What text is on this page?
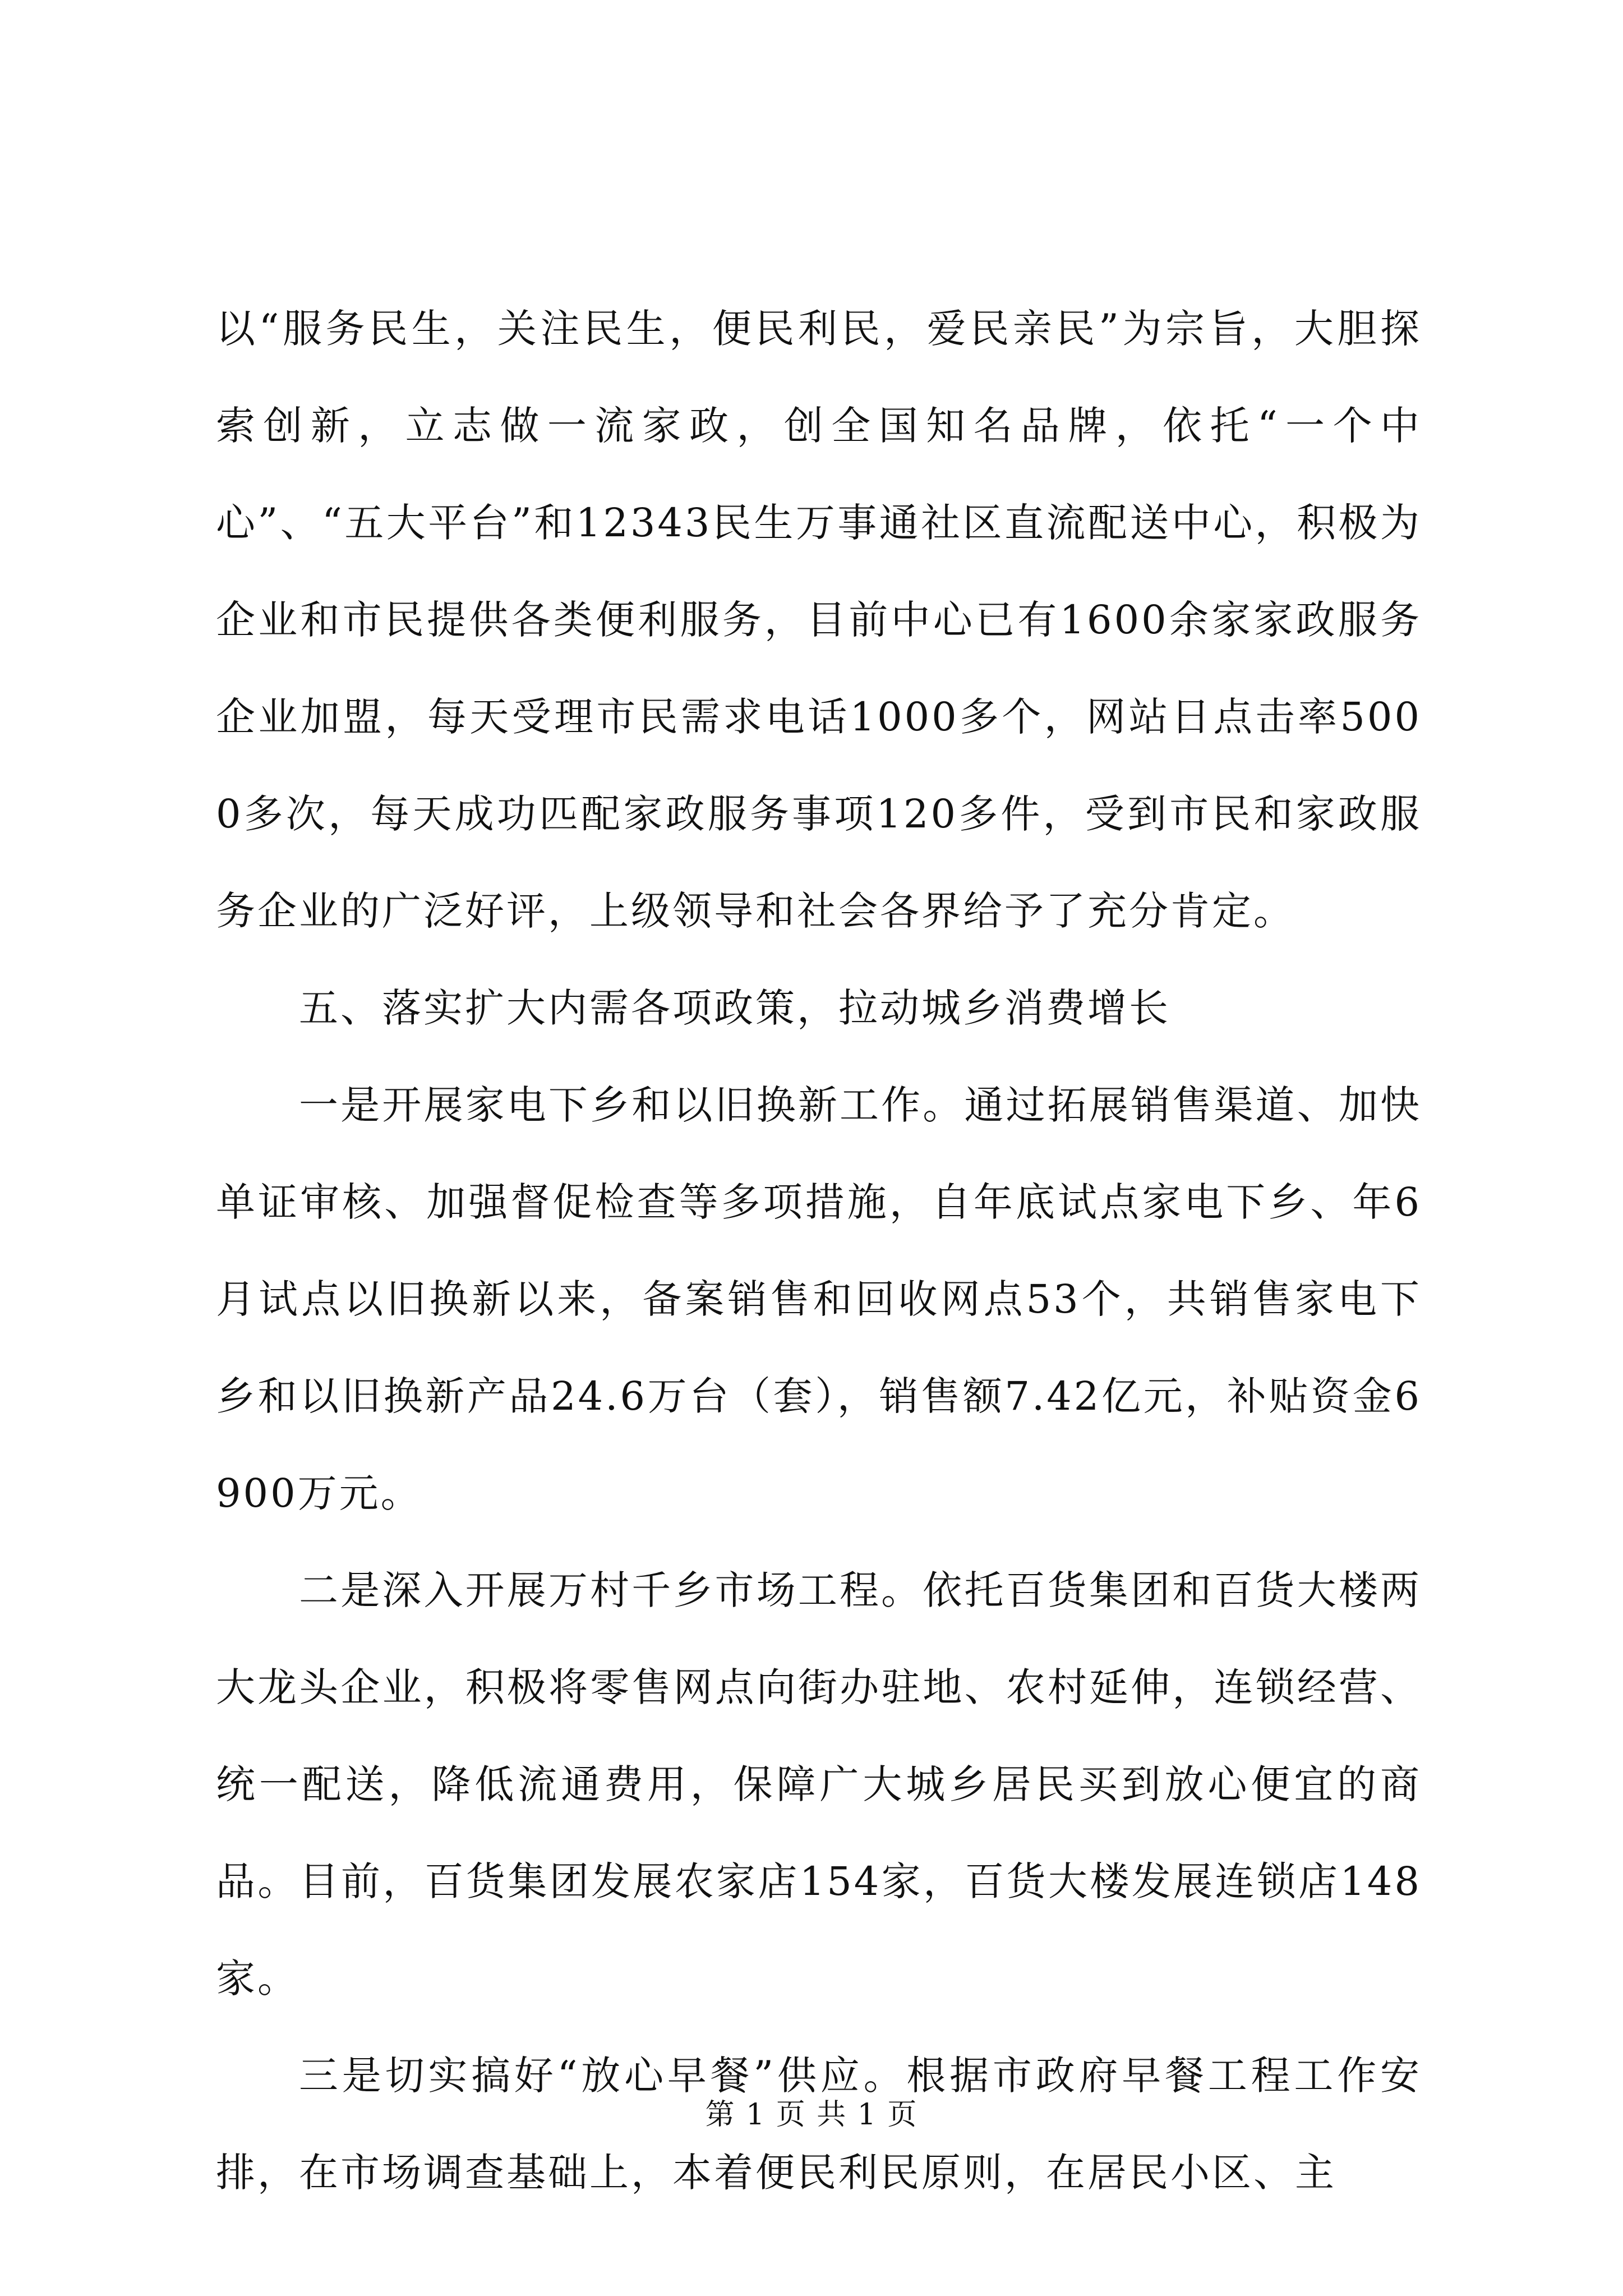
以“服务民生，关注民生，便民利民，爱民亲民”为宗旨，大胆探索创新，立志做一流家政，创全国知名品牌，依托“一个中心”、“五大平台”和12343民生万事通社区直流配送中心，积极为企业和市民提供各类便利服务，目前中心已有1600余家家政服务企业加盟，每天受理市民需求电话1000多个，网站日点击率5000多次，每天成功匹配家政服务事项120多件，受到市民和家政服务企业的广泛好评，上级领导和社会各界给予了充分肯定。

五、落实扩大内需各项政策，拉动城乡消费增长

一是开展家电下乡和以旧换新工作。通过拓展销售渠道、加快单证审核、加强督促检查等多项措施，自年底试点家电下乡、年6月试点以旧换新以来，备案销售和回收网点53个，共销售家电下乡和以旧换新产品24.6万台（套），销售额7.42亿元，补贴资金6900万元。

二是深入开展万村千乡市场工程。依托百货集团和百货大楼两大龙头企业，积极将零售网点向街办驻地、农村延伸，连锁经营、统一配送，降低流通费用，保障广大城乡居民买到放心便宜的商品。目前，百货集团发展农家店154家，百货大楼发展连锁店148家。

三是切实搞好“放心早餐”供应。根据市政府早餐工程工作安排，在市场调查基础上，本着便民利民原则，在居民小区、主

第 1 页 共 1 页
